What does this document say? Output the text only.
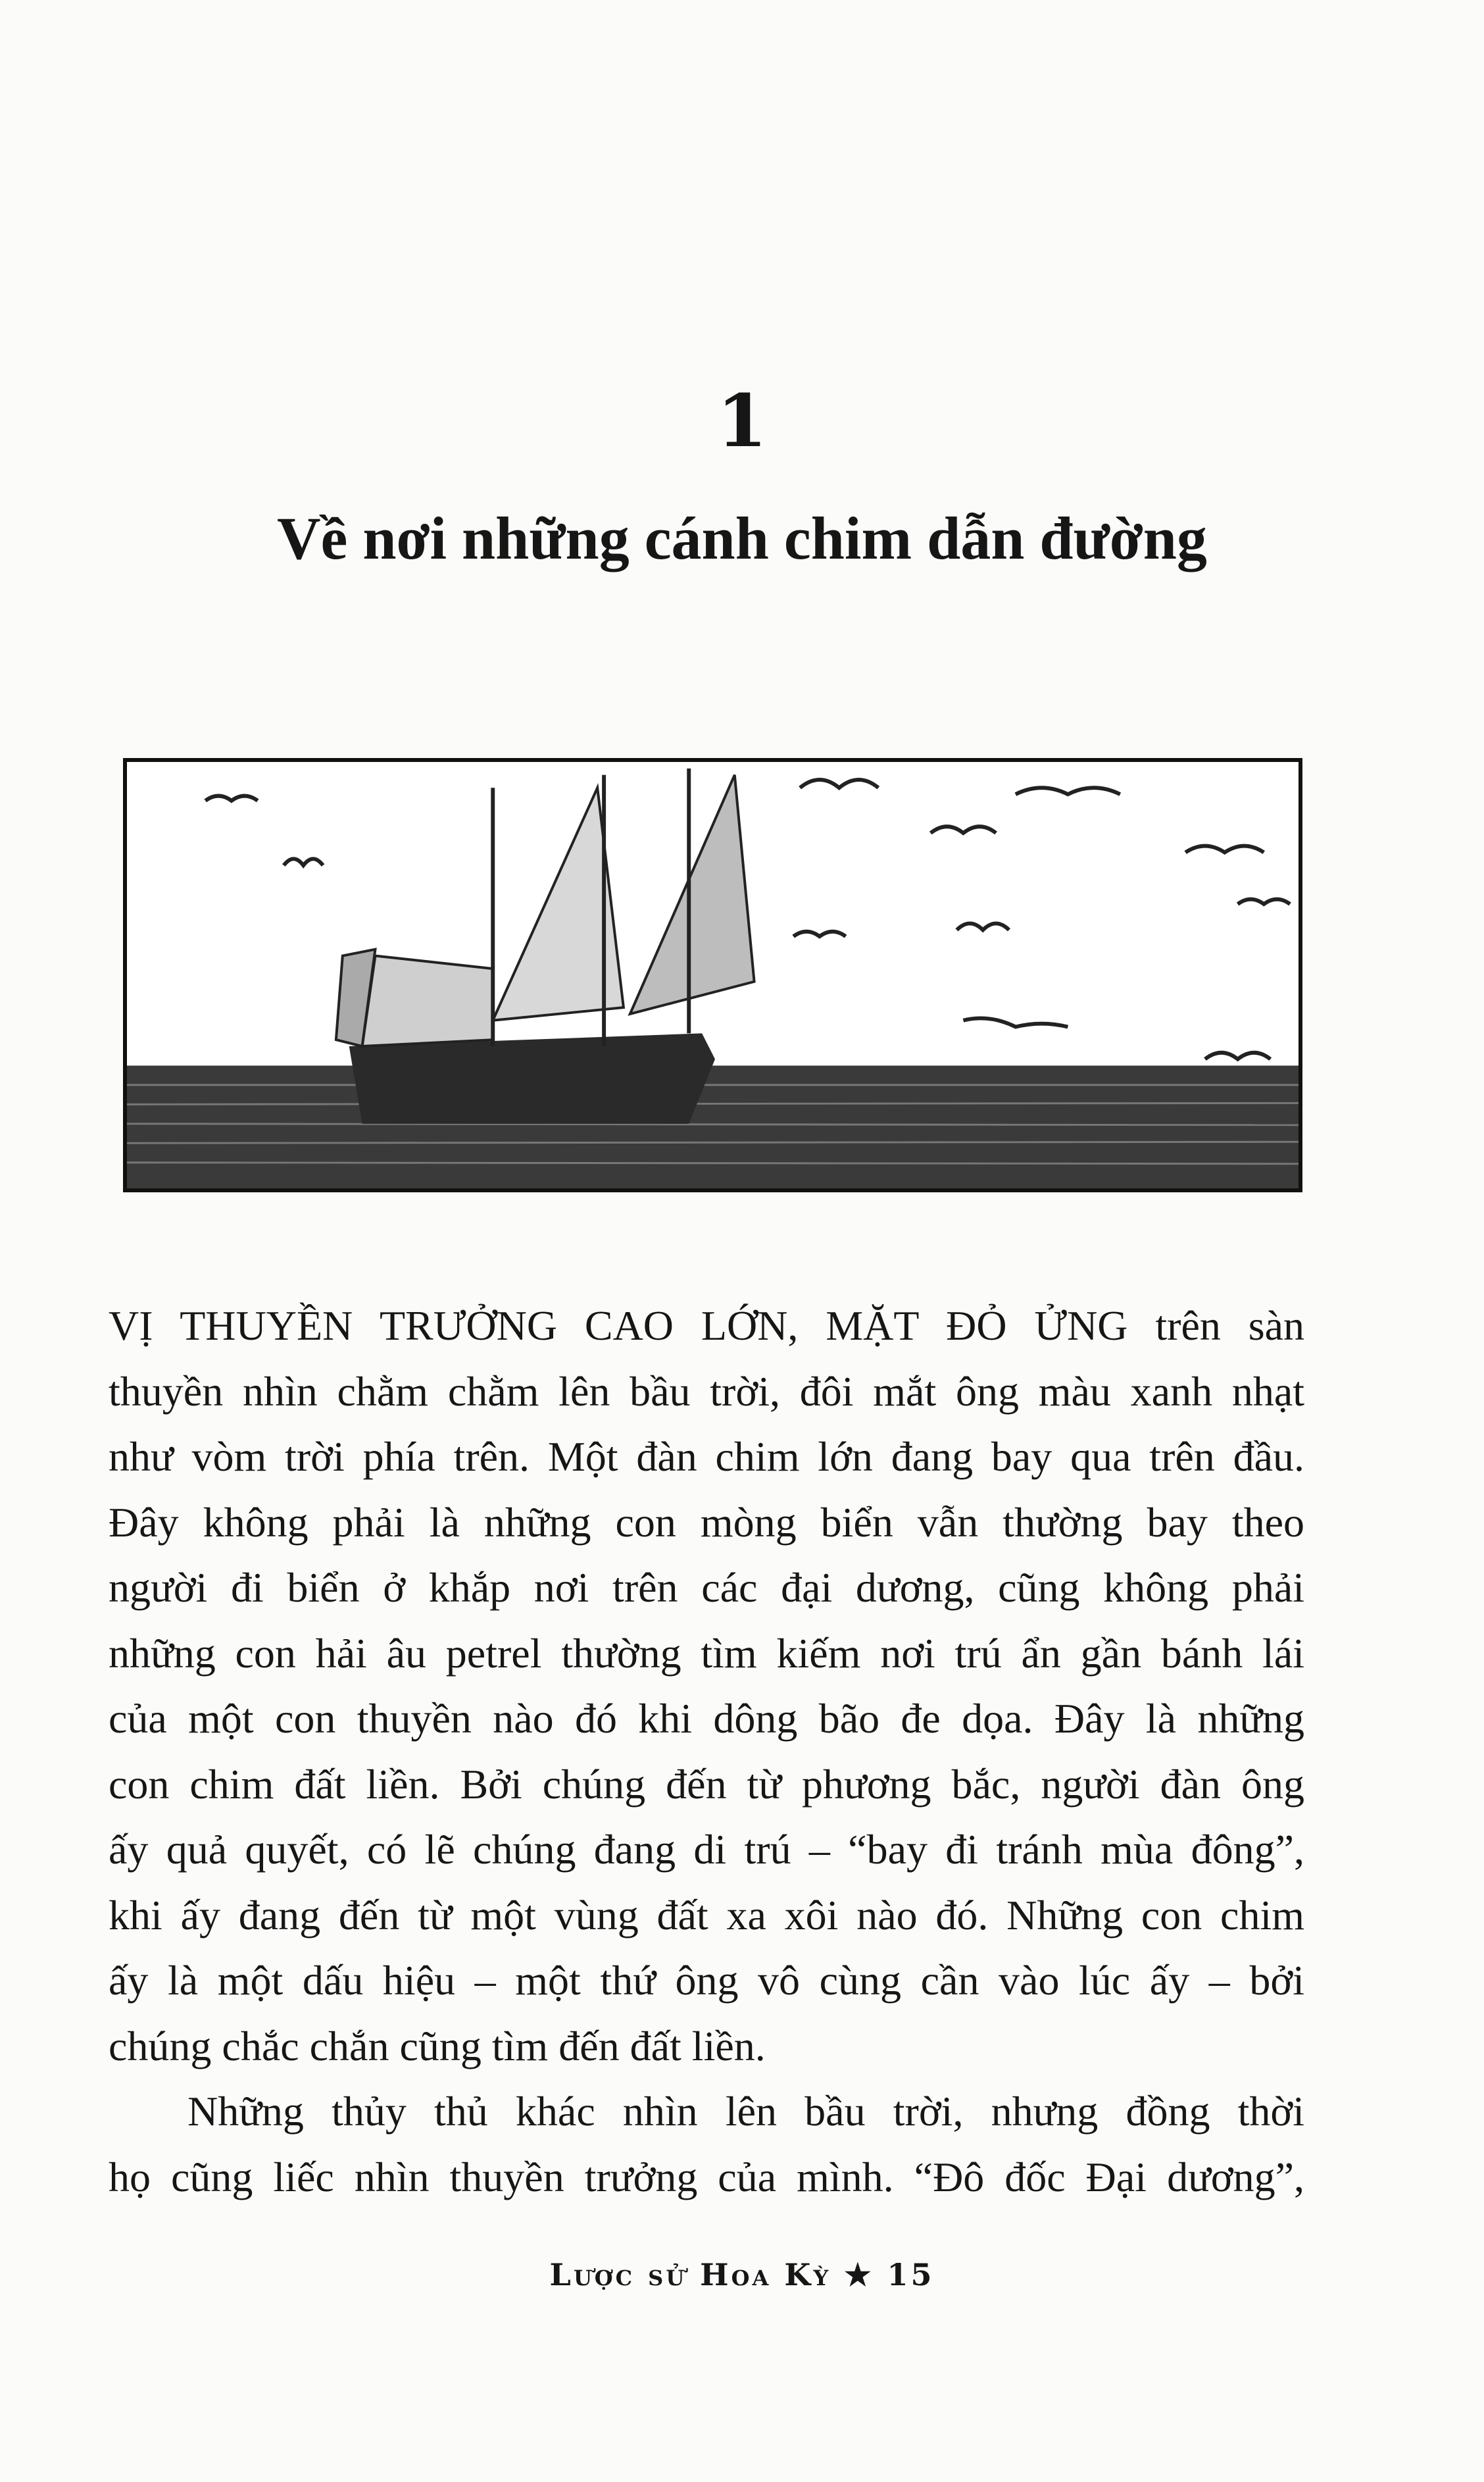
1
Về nơi những cánh chim dẫn đường

VỊ THUYỀN TRƯỞNG CAO LỚN, MẶT ĐỎ ỬNG trên sàn
thuyền nhìn chằm chằm lên bầu trời, đôi mắt ông màu xanh nhạt
như vòm trời phía trên. Một đàn chim lớn đang bay qua trên đầu.
Đây không phải là những con mòng biển vẫn thường bay theo
người đi biển ở khắp nơi trên các đại dương, cũng không phải
những con hải âu petrel thường tìm kiếm nơi trú ẩn gần bánh lái
của một con thuyền nào đó khi dông bão đe dọa. Đây là những
con chim đất liền. Bởi chúng đến từ phương bắc, người đàn ông
ấy quả quyết, có lẽ chúng đang di trú – “bay đi tránh mùa đông”,
khi ấy đang đến từ một vùng đất xa xôi nào đó. Những con chim
ấy là một dấu hiệu – một thứ ông vô cùng cần vào lúc ấy – bởi
chúng chắc chắn cũng tìm đến đất liền.

Những thủy thủ khác nhìn lên bầu trời, nhưng đồng thời
họ cũng liếc nhìn thuyền trưởng của mình. “Đô đốc Đại dương”,

Lược sử Hoa Kỳ ★ 15
